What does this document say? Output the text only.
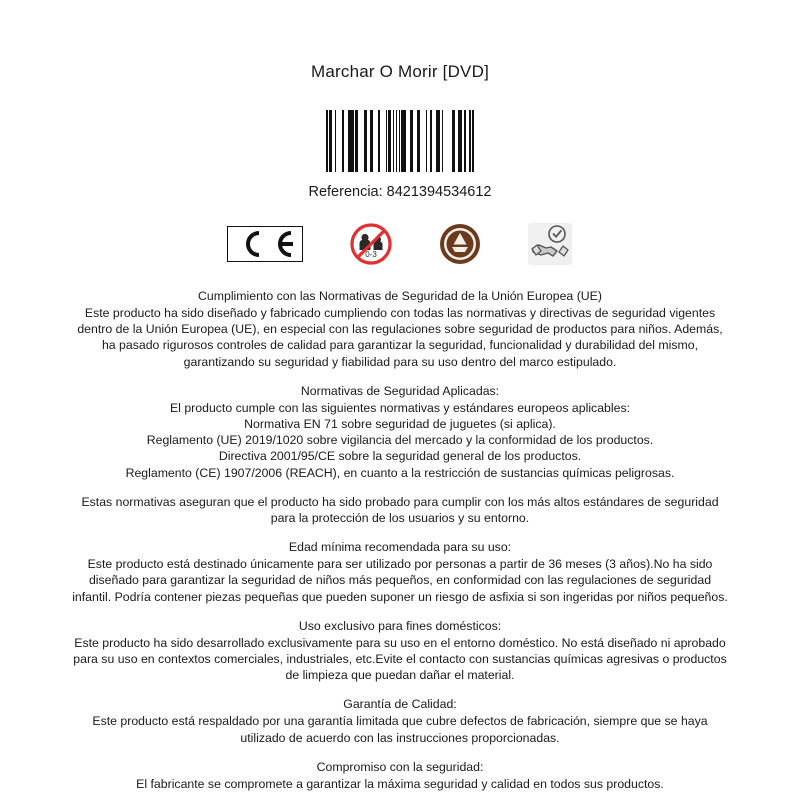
Marchar O Morir [DVD]
Referencia: 8421394534612
0-3

Cumplimiento con las Normativas de Seguridad de la Unión Europea (UE)

Este producto ha sido diseñado y fabricado cumpliendo con todas las normativas y directivas de seguridad vigentes dentro de la Unión Europea (UE), en especial con las regulaciones sobre seguridad de productos para niños. Además, ha pasado rigurosos controles de calidad para garantizar la seguridad, funcionalidad y durabilidad del mismo, garantizando su seguridad y fiabilidad para su uso dentro del marco estipulado.

Normativas de Seguridad Aplicadas:

El producto cumple con las siguientes normativas y estándares europeos aplicables:

Normativa EN 71 sobre seguridad de juguetes (si aplica).
Reglamento (UE) 2019/1020 sobre vigilancia del mercado y la conformidad de los productos.
Directiva 2001/95/CE sobre la seguridad general de los productos.
Reglamento (CE) 1907/2006 (REACH), en cuanto a la restricción de sustancias químicas peligrosas.

Estas normativas aseguran que el producto ha sido probado para cumplir con los más altos estándares de seguridad para la protección de los usuarios y su entorno.

Edad mínima recomendada para su uso:

Este producto está destinado únicamente para ser utilizado por personas a partir de 36 meses (3 años).No ha sido diseñado para garantizar la seguridad de niños más pequeños, en conformidad con las regulaciones de seguridad infantil. Podría contener piezas pequeñas que pueden suponer un riesgo de asfixia si son ingeridas por niños pequeños.

Uso exclusivo para fines domésticos:

Este producto ha sido desarrollado exclusivamente para su uso en el entorno doméstico. No está diseñado ni aprobado para su uso en contextos comerciales, industriales, etc.Evite el contacto con sustancias químicas agresivas o productos de limpieza que puedan dañar el material.

Garantía de Calidad:

Este producto está respaldado por una garantía limitada que cubre defectos de fabricación, siempre que se haya utilizado de acuerdo con las instrucciones proporcionadas.

Compromiso con la seguridad:

El fabricante se compromete a garantizar la máxima seguridad y calidad en todos sus productos.
